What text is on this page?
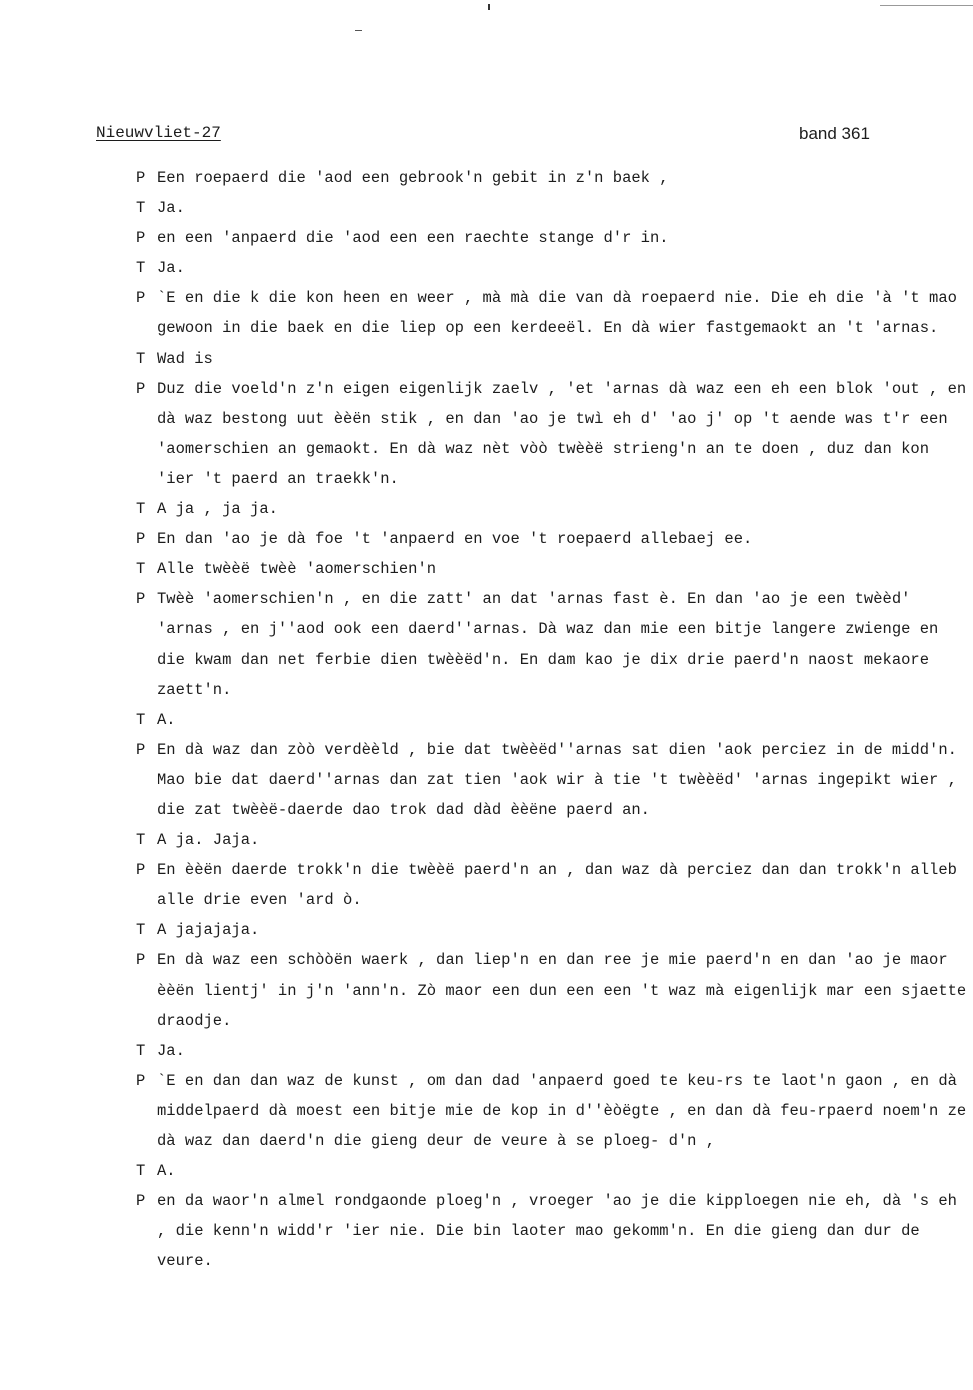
Nieuwvliet-27	band 361
P Een roepaerd die 'aod een gebrook'n gebit in z'n baek ,
T Ja.
P en een 'anpaerd die 'aod een een raechte stange d'r in.
T Ja.
P `E en die k die kon heen en weer , mà mà die van dà roepaerd nie. Die eh die 'à 't mao gewoon in die baek en die liep op een kerdeeël. En dà wier fastgemaokt an 't 'arnas.
T Wad is
P Duz die voeld'n z'n eigen eigenlijk zaelv , 'et 'arnas dà waz een eh een blok 'out , en dà waz bestong uut èèën stik , en dan 'ao je twì eh d' 'ao j' op 't aende was t'r een 'aomerschien an gemaokt. En dà waz nèt vòò twèèë strieng'n an te doen , duz dan kon 'ier 't paerd an traekk'n.
T A ja , ja ja.
P En dan 'ao je dà foe 't 'anpaerd en voe 't roepaerd allebaej ee.
T Alle twèèë twèè 'aomerschien'n
P Twèè 'aomerschien'n , en die zatt' an dat 'arnas fast è. En dan 'ao je een twèèd' 'arnas , en j''aod ook een daerd''arnas. Dà waz dan mie een bitje langere zwienge en die kwam dan net ferbie dien twèèëd'n. En dam kao je dix drie paerd'n naost mekaore zaett'n.
T A.
P En dà waz dan zòò verdèèld , bie dat twèèëd''arnas sat dien 'aok perciez in de midd'n. Mao bie dat daerd''arnas dan zat tien 'aok wir à tie 't twèèëd' 'arnas ingepikt wier , die zat twèèë-daerde dao trok dad dàd èèëne paerd an.
T A ja. Jaja.
P En èèën daerde trokk'n die twèèë paerd'n an , dan waz dà perciez dan dan trokk'n alleb alle drie even 'ard ò.
T A jajajaja.
P En dà waz een schòòën waerk , dan liep'n en dan ree je mie paerd'n en dan 'ao je maor èèën lientj' in j'n 'ann'n. Zò maor een dun een een 't waz mà eigenlijk mar een sjaette draodje.
T Ja.
P `E en dan dan waz de kunst , om dan dad 'anpaerd goed te keu-rs te laot'n gaon , en dà middelpaerd dà moest een bitje mie de kop in d''èòëgte , en dan dà feu-rpaerd noem'n ze dà waz dan daerd'n die gieng deur de veure à se ploeg- d'n ,
T A.
P en da waor'n almel rondgaonde ploeg'n , vroeger 'ao je die kipploegen nie eh, dà 's eh , die kenn'n widd'r 'ier nie. Die bin laoter mao gekomm'n. En die gieng dan dur de veure.
